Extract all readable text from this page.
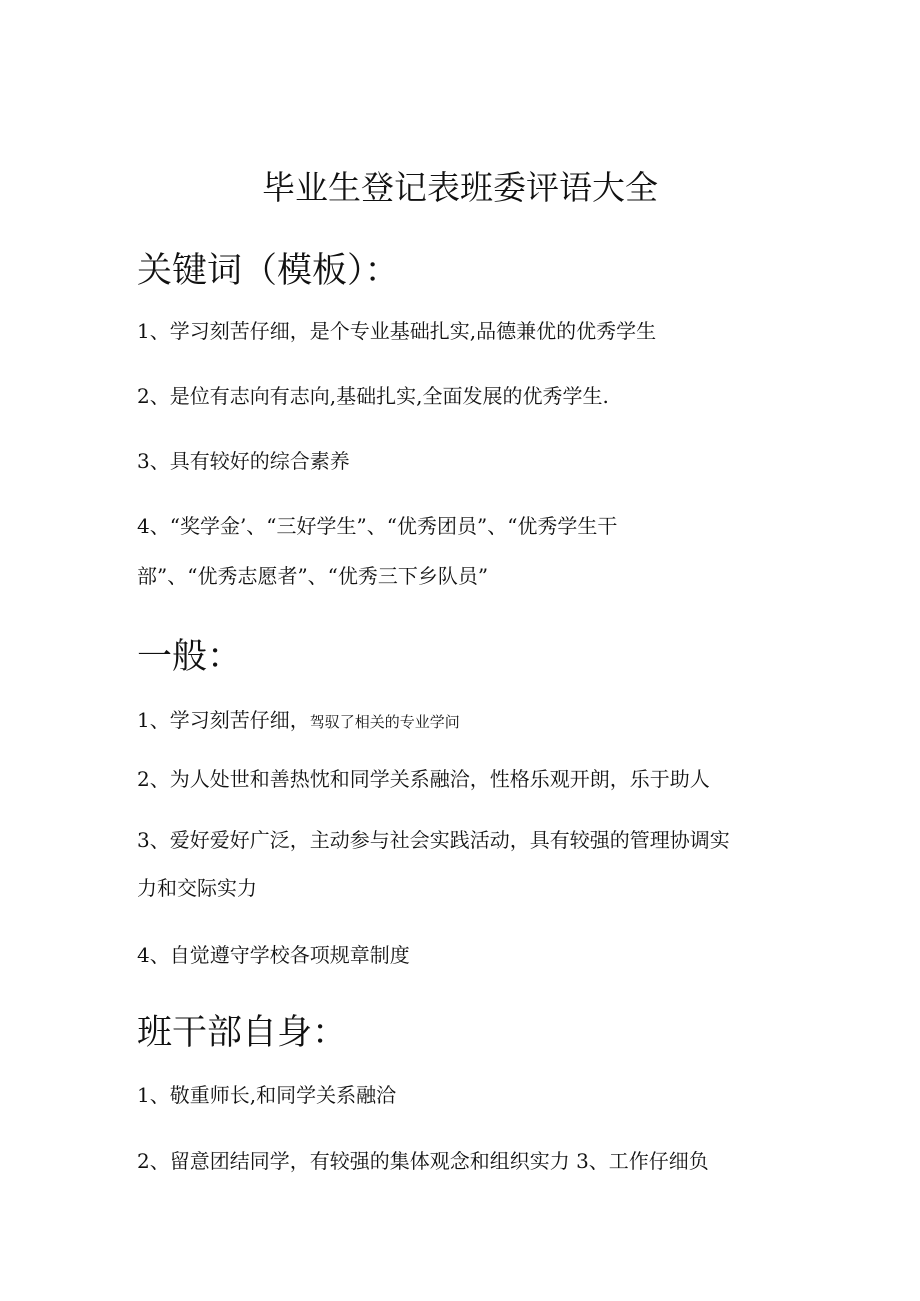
毕业生登记表班委评语大全
关键词（模板）：

1、学习刻苦仔细，是个专业基础扎实,品德兼优的优秀学生

2、是位有志向有志向,基础扎实,全面发展的优秀学生.

3、具有较好的综合素养

4、“奖学金’、“三好学生”、“优秀团员”、“优秀学生干

部”、“优秀志愿者”、“优秀三下乡队员”

一般：

1、学习刻苦仔细，驾驭了相关的专业学问

2、为人处世和善热忱和同学关系融洽，性格乐观开朗，乐于助人

3、爱好爱好广泛，主动参与社会实践活动，具有较强的管理协调实

力和交际实力

4、自觉遵守学校各项规章制度

班干部自身：

1、敬重师长,和同学关系融洽

2、留意团结同学，有较强的集体观念和组织实力 3、工作仔细负
